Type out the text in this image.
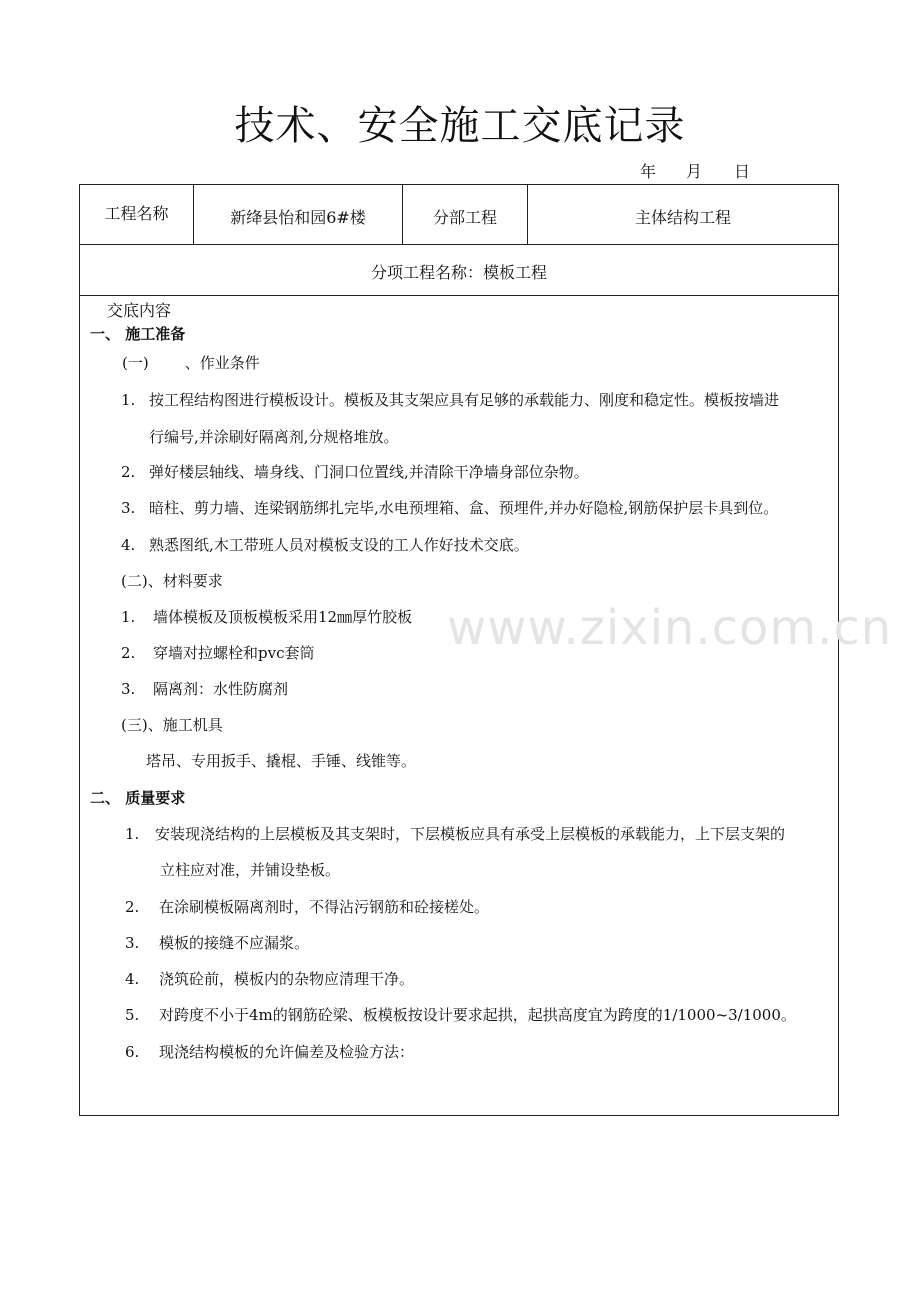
技术、安全施工交底记录
年 月 日
工程名称	新绛县怡和园6#楼	分部工程	主体结构工程
分项工程名称：模板工程
交底内容
一、 施工准备
(一) 、作业条件
1. 按工程结构图进行模板设计。模板及其支架应具有足够的承载能力、刚度和稳定性。模板按墙进
行编号,并涂刷好隔离剂,分规格堆放。
2. 弹好楼层轴线、墙身线、门洞口位置线,并清除干净墙身部位杂物。
3. 暗柱、剪力墙、连梁钢筋绑扎完毕,水电预埋箱、盒、预埋件,并办好隐检,钢筋保护层卡具到位。
4. 熟悉图纸,木工带班人员对模板支设的工人作好技术交底。
(二)、材料要求
1. 墙体模板及顶板模板采用12㎜厚竹胶板
2. 穿墙对拉螺栓和pvc套筒
3. 隔离剂：水性防腐剂
(三)、施工机具
塔吊、专用扳手、撬棍、手锤、线锥等。
二、 质量要求
1. 安装现浇结构的上层模板及其支架时，下层模板应具有承受上层模板的承载能力，上下层支架的
立柱应对准，并铺设垫板。
2. 在涂刷模板隔离剂时，不得沾污钢筋和砼接槎处。
3. 模板的接缝不应漏浆。
4. 浇筑砼前，模板内的杂物应清理干净。
5. 对跨度不小于4m的钢筋砼梁、板模板按设计要求起拱，起拱高度宜为跨度的1/1000~3/1000。
6. 现浇结构模板的允许偏差及检验方法：
www.zixin.com.cn
